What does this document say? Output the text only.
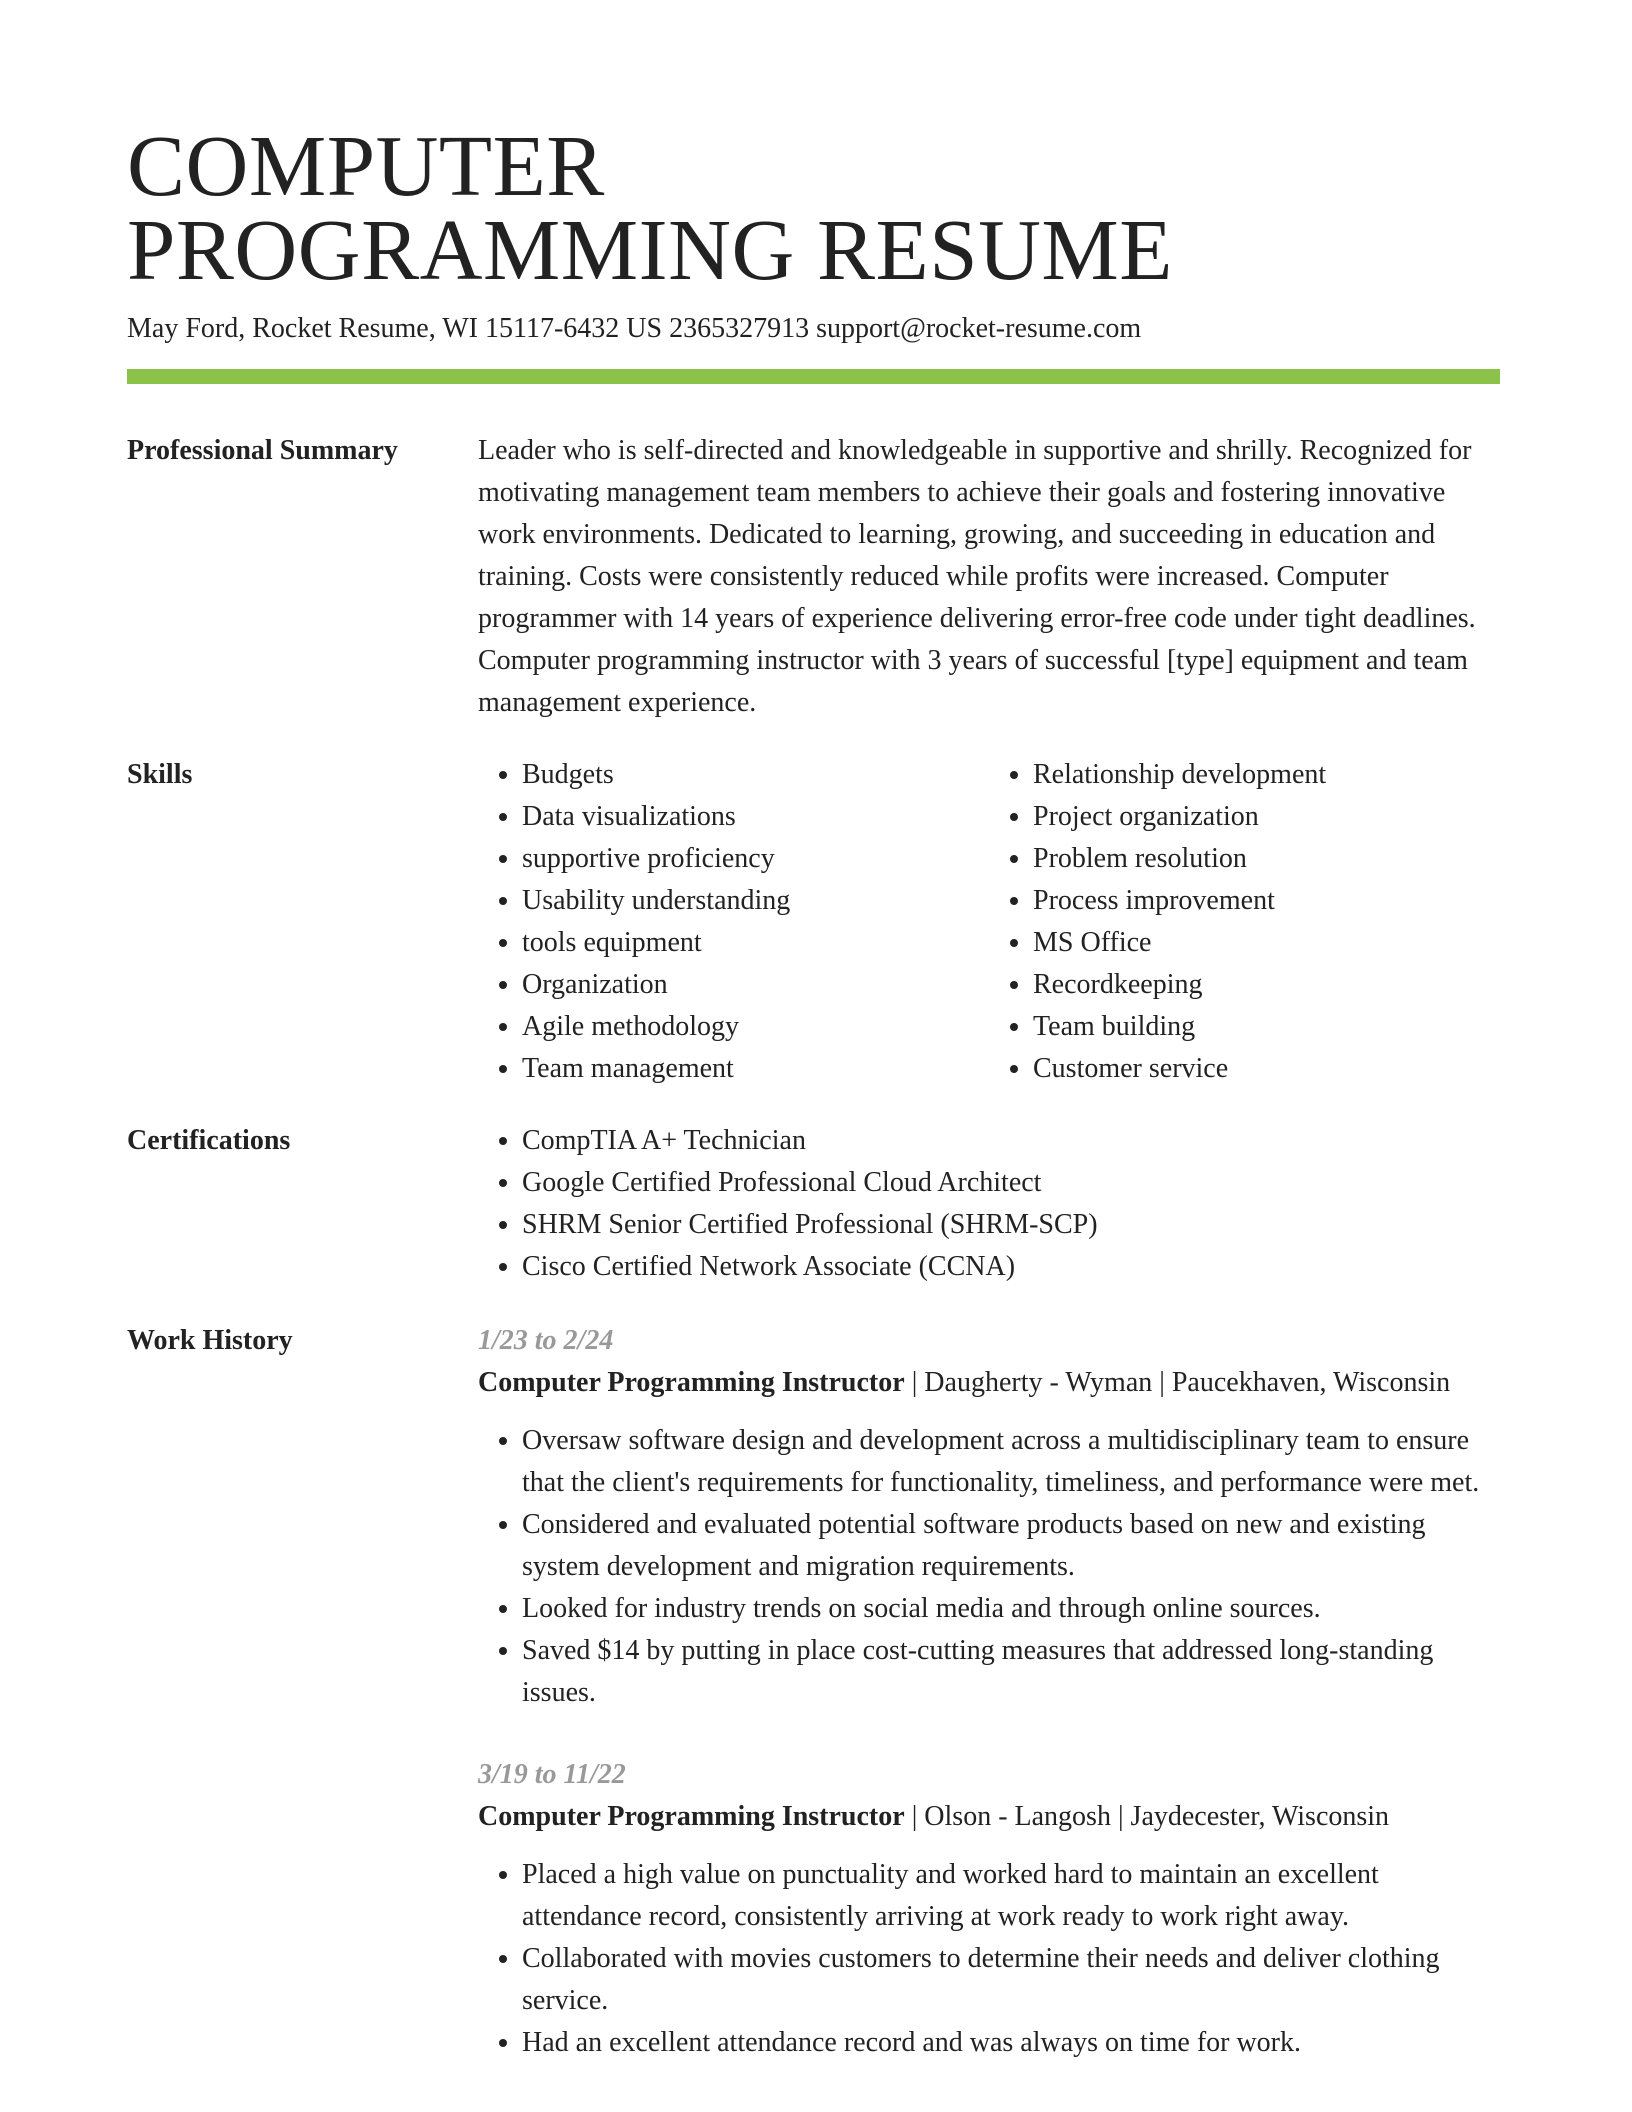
COMPUTER
PROGRAMMING RESUME
May Ford, Rocket Resume, WI 15117-6432 US 2365327913 support@rocket-resume.com
Professional Summary	Leader who is self-directed and knowledgeable in supportive and shrilly. Recognized for motivating management team members to achieve their goals and fostering innovative work environments. Dedicated to learning, growing, and succeeding in education and training. Costs were consistently reduced while profits were increased. Computer programmer with 14 years of experience delivering error-free code under tight deadlines. Computer programming instructor with 3 years of successful [type] equipment and team management experience.
Skills	• Budgets
• Data visualizations
• supportive proficiency
• Usability understanding
• tools equipment
• Organization
• Agile methodology
• Team management
• Relationship development
• Project organization
• Problem resolution
• Process improvement
• MS Office
• Recordkeeping
• Team building
• Customer service
Certifications	• CompTIA A+ Technician
• Google Certified Professional Cloud Architect
• SHRM Senior Certified Professional (SHRM-SCP)
• Cisco Certified Network Associate (CCNA)
Work History	1/23 to 2/24
Computer Programming Instructor | Daugherty - Wyman | Paucekhaven, Wisconsin
• Oversaw software design and development across a multidisciplinary team to ensure that the client's requirements for functionality, timeliness, and performance were met.
• Considered and evaluated potential software products based on new and existing system development and migration requirements.
• Looked for industry trends on social media and through online sources.
• Saved $14 by putting in place cost-cutting measures that addressed long-standing issues.
3/19 to 11/22
Computer Programming Instructor | Olson - Langosh | Jaydecester, Wisconsin
• Placed a high value on punctuality and worked hard to maintain an excellent attendance record, consistently arriving at work ready to work right away.
• Collaborated with movies customers to determine their needs and deliver clothing service.
• Had an excellent attendance record and was always on time for work.
